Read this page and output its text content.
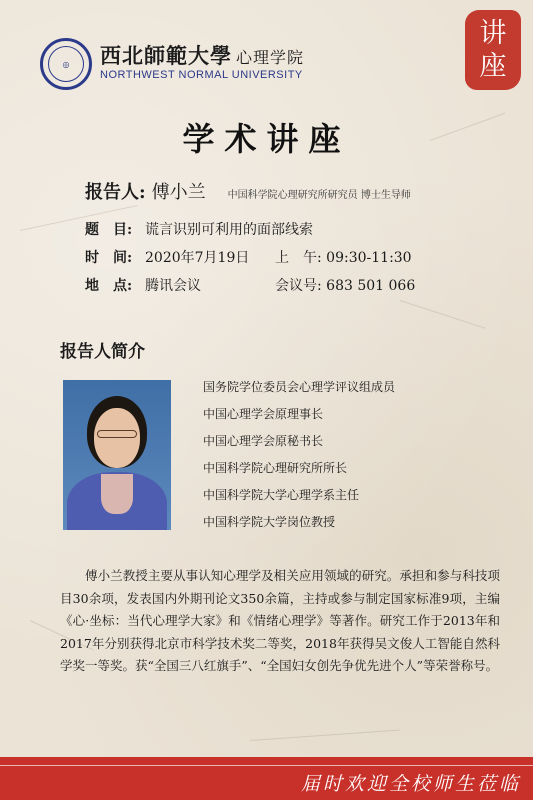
◎	西北師範大學 心理学院
NORTHWEST NORMAL UNIVERSITY
讲
座
学术讲座
报告人: 傅小兰 中国科学院心理研究所研究员 博士生导师
题　目: 谎言识别可利用的面部线索
时　间: 2020年7月19日 上　午: 09:30-11:30
地　点: 腾讯会议	会议号: 683 501 066
报告人简介
国务院学位委员会心理学评议组成员
中国心理学会原理事长
中国心理学会原秘书长
中国科学院心理研究所所长
中国科学院大学心理学系主任
中国科学院大学岗位教授
傅小兰教授主要从事认知心理学及相关应用领域的研究。承担和参与科技项目30余项，发表国内外期刊论文350余篇，主持或参与制定国家标准9项，主编《心·坐标：当代心理学大家》和《情绪心理学》等著作。研究工作于2013年和2017年分别获得北京市科学技术奖二等奖，2018年获得吴文俊人工智能自然科学奖一等奖。获“全国三八红旗手”、“全国妇女创先争优先进个人”等荣誉称号。
届时欢迎全校师生莅临
